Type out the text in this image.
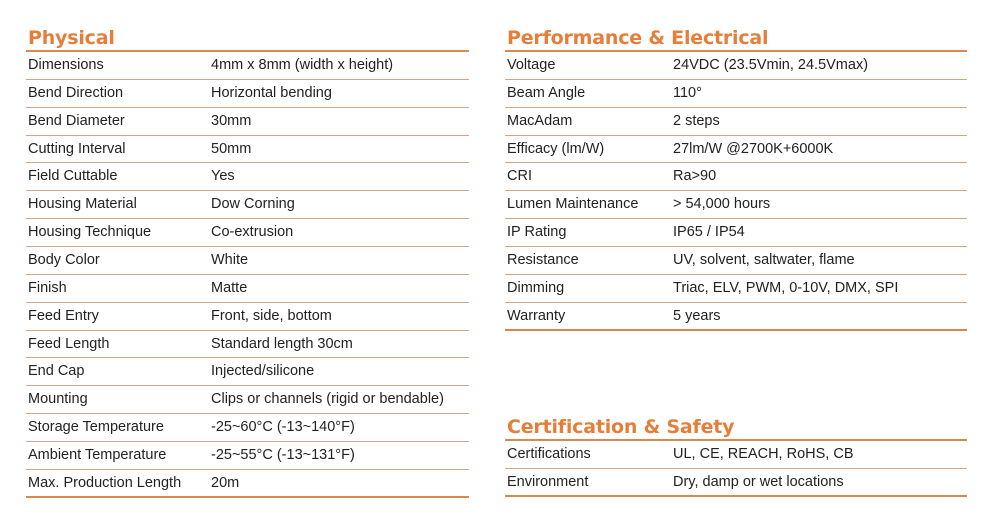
Physical
Dimensions	4mm x 8mm (width x height)
Bend Direction	Horizontal bending
Bend Diameter	30mm
Cutting Interval	50mm
Field Cuttable	Yes
Housing Material	Dow Corning
Housing Technique	Co-extrusion
Body Color	White
Finish	Matte
Feed Entry	Front, side, bottom
Feed Length	Standard length 30cm
End Cap	Injected/silicone
Mounting	Clips or channels (rigid or bendable)
Storage Temperature	-25~60°C (-13~140°F)
Ambient Temperature	-25~55°C (-13~131°F)
Max. Production Length 20m
Performance & Electrical
Voltage	24VDC (23.5Vmin, 24.5Vmax)
Beam Angle	110°
MacAdam	2 steps
Efficacy (lm/W)	27lm/W @2700K+6000K
CRI	Ra>90
Lumen Maintenance > 54,000 hours
IP Rating	IP65 / IP54
Resistance	UV, solvent, saltwater, flame
Dimming	Triac, ELV, PWM, 0-10V, DMX, SPI
Warranty	5 years
Certification & Safety
Certifications	UL, CE, REACH, RoHS, CB
Environment	Dry, damp or wet locations
